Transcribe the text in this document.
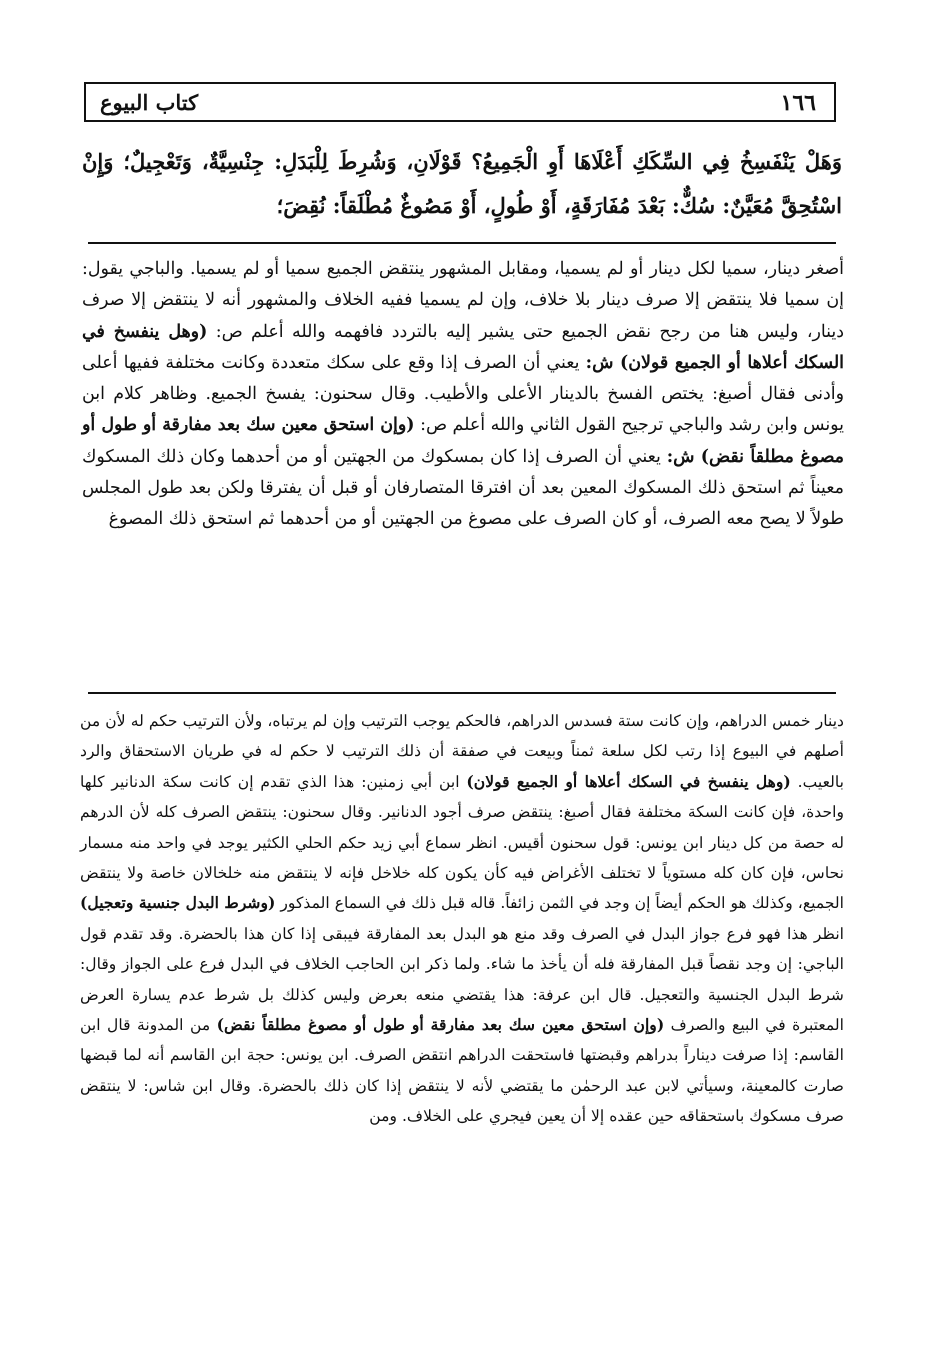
كتاب البيوع	١٦٦

وَهَلْ يَنْفَسِخُ فِي السِّكَكِ أَعْلَاهَا أَوِ الْجَمِيعُ؟ قَوْلَانِ، وَشُرِطَ لِلْبَدَلِ: جِنْسِيَّةٌ، وَتَعْجِيلٌ؛ وَإِنْ اسْتُحِقَّ مُعَيَّنٌ: سُكٌّ: بَعْدَ مُفَارَقَةٍ، أَوْ طُولٍ، أَوْ مَصُوغٌ مُطْلَقاً: نُقِضَ؛

أصغر دينار، سميا لكل دينار أو لم يسميا، ومقابل المشهور ينتقض الجميع سميا أو لم يسميا. والباجي يقول: إن سميا فلا ينتقض إلا صرف دينار بلا خلاف، وإن لم يسميا ففيه الخلاف والمشهور أنه لا ينتقض إلا صرف دينار، وليس هنا من رجح نقض الجميع حتى يشير إليه بالتردد فافهمه والله أعلم ص: (وهل ينفسخ في السكك أعلاها أو الجميع قولان) ش: يعني أن الصرف إذا وقع على سكك متعددة وكانت مختلفة ففيها أعلى وأدنى فقال أصبغ: يختص الفسخ بالدينار الأعلى والأطيب. وقال سحنون: يفسخ الجميع. وظاهر كلام ابن يونس وابن رشد والباجي ترجيح القول الثاني والله أعلم ص: (وإن استحق معين سك بعد مفارقة أو طول أو مصوغ مطلقاً نقض) ش: يعني أن الصرف إذا كان بمسكوك من الجهتين أو من أحدهما وكان ذلك المسكوك معيناً ثم استحق ذلك المسكوك المعين بعد أن افترقا المتصارفان أو قبل أن يفترقا ولكن بعد طول المجلس طولاً لا يصح معه الصرف، أو كان الصرف على مصوغ من الجهتين أو من أحدهما ثم استحق ذلك المصوغ

دينار خمس الدراهم، وإن كانت ستة فسدس الدراهم، فالحكم يوجب الترتيب وإن لم يرتباه، ولأن الترتيب حكم له لأن من أصلهم في البيوع إذا رتب لكل سلعة ثمناً وبيعت في صفقة أن ذلك الترتيب لا حكم له في طريان الاستحقاق والرد بالعيب. (وهل ينفسخ في السكك أعلاها أو الجميع قولان) ابن أبي زمنين: هذا الذي تقدم إن كانت سكة الدنانير كلها واحدة، فإن كانت السكة مختلفة فقال أصبغ: ينتقض صرف أجود الدنانير. وقال سحنون: ينتقض الصرف كله لأن الدرهم له حصة من كل دينار ابن يونس: قول سحنون أقيس. انظر سماع أبي زيد حكم الحلي الكثير يوجد في واحد منه مسمار نحاس، فإن كان كله مستوياً لا تختلف الأغراض فيه كأن يكون كله خلاخل فإنه لا ينتقض منه خلخالان خاصة ولا ينتقض الجميع، وكذلك هو الحكم أيضاً إن وجد في الثمن زائفاً. قاله قبل ذلك في السماع المذكور (وشرط البدل جنسية وتعجيل) انظر هذا فهو فرع جواز البدل في الصرف وقد منع هو البدل بعد المفارقة فيبقى إذا كان هذا بالحضرة. وقد تقدم قول الباجي: إن وجد نقصاً قبل المفارقة فله أن يأخذ ما شاء. ولما ذكر ابن الحاجب الخلاف في البدل فرع على الجواز وقال: شرط البدل الجنسية والتعجيل. قال ابن عرفة: هذا يقتضي منعه بعرض وليس كذلك بل شرط عدم يسارة العرض المعتبرة في البيع والصرف (وإن استحق معين سك بعد مفارقة أو طول أو مصوغ مطلقاً نقض) من المدونة قال ابن القاسم: إذا صرفت ديناراً بدراهم وقبضتها فاستحقت الدراهم انتقض الصرف. ابن يونس: حجة ابن القاسم أنه لما قبضها صارت كالمعينة، وسيأتي لابن عبد الرحمٰن ما يقتضي لأنه لا ينتقض إذا كان ذلك بالحضرة. وقال ابن شاس: لا ينتقض صرف مسكوك باستحقاقه حين عقده إلا أن يعين فيجري على الخلاف. ومن
